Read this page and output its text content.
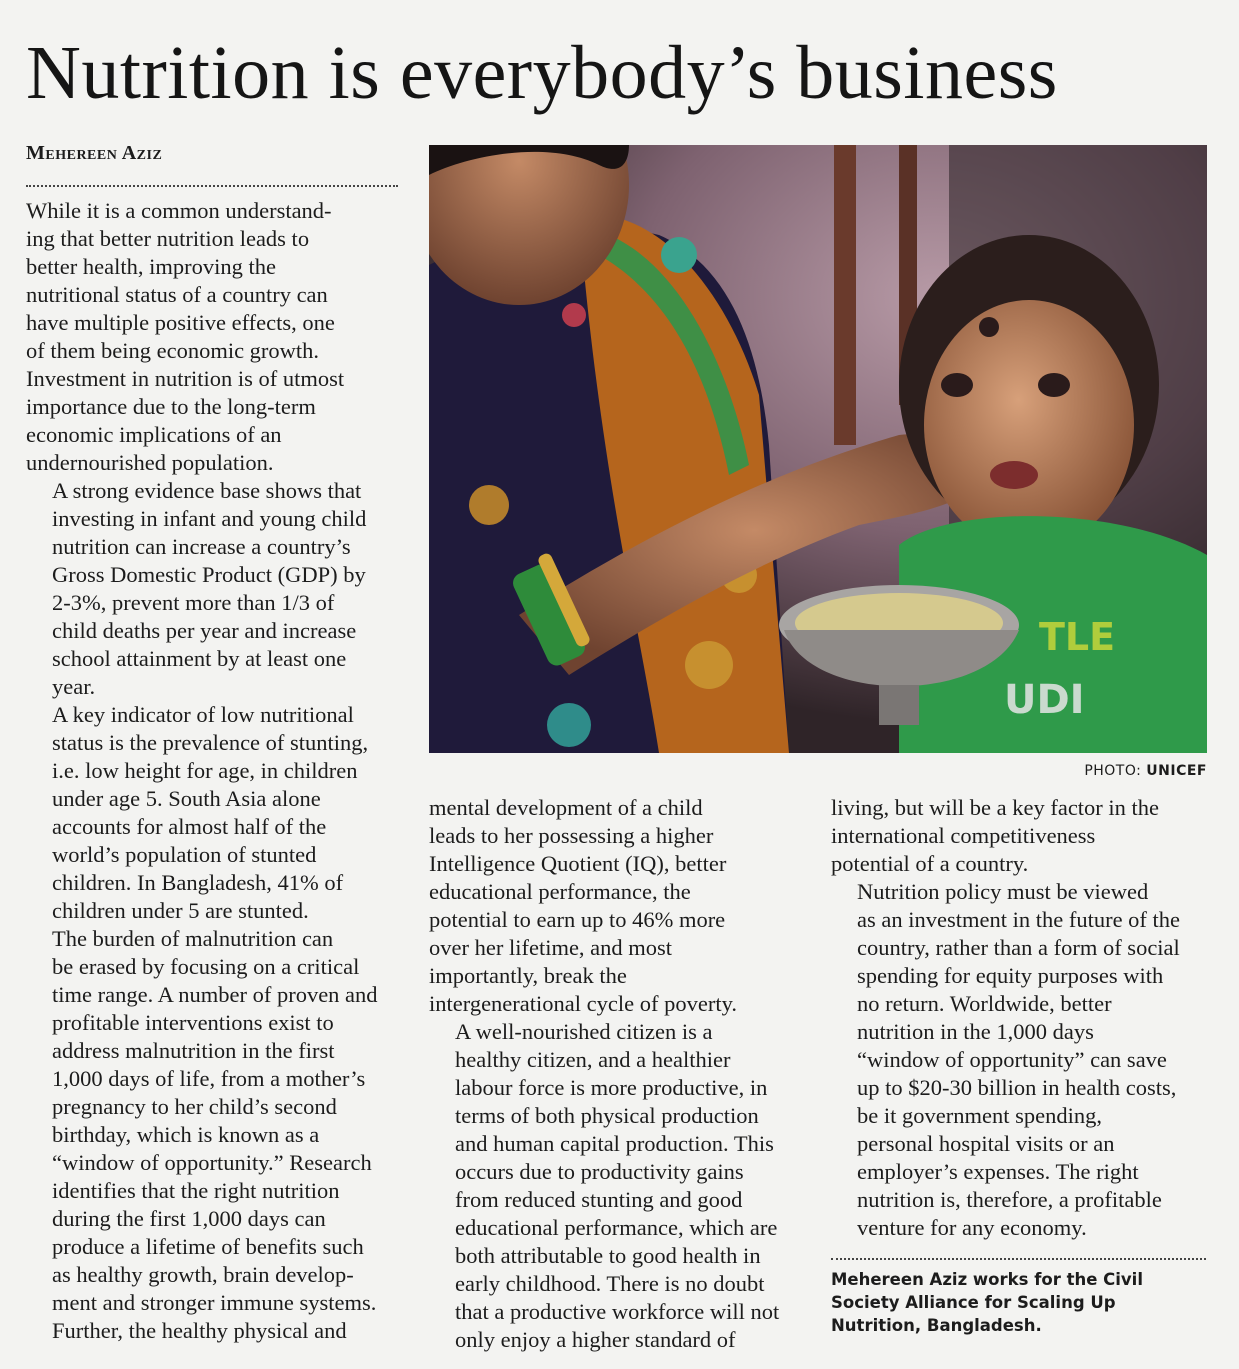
Nutrition is everybody’s business
Mehereen Aziz

While it is a common understand-
ing that better nutrition leads to
better health, improving the
nutritional status of a country can
have multiple positive effects, one
of them being economic growth.
Investment in nutrition is of utmost
importance due to the long-term
economic implications of an
undernourished population.

A strong evidence base shows that
investing in infant and young child
nutrition can increase a country’s
Gross Domestic Product (GDP) by
2-3%, prevent more than 1/3 of
child deaths per year and increase
school attainment by at least one
year.

A key indicator of low nutritional
status is the prevalence of stunting,
i.e. low height for age, in children
under age 5. South Asia alone
accounts for almost half of the
world’s population of stunted
children. In Bangladesh, 41% of
children under 5 are stunted.

The burden of malnutrition can
be erased by focusing on a critical
time range. A number of proven and
profitable interventions exist to
address malnutrition in the first
1,000 days of life, from a mother’s
pregnancy to her child’s second
birthday, which is known as a
“window of opportunity.” Research
identifies that the right nutrition
during the first 1,000 days can
produce a lifetime of benefits such
as healthy growth, brain develop-
ment and stronger immune systems.
Further, the healthy physical and

TLE
UDI
PHOTO: UNICEF

mental development of a child
leads to her possessing a higher
Intelligence Quotient (IQ), better
educational performance, the
potential to earn up to 46% more
over her lifetime, and most
importantly, break the
intergenerational cycle of poverty.

A well-nourished citizen is a
healthy citizen, and a healthier
labour force is more productive, in
terms of both physical production
and human capital production. This
occurs due to productivity gains
from reduced stunting and good
educational performance, which are
both attributable to good health in
early childhood. There is no doubt
that a productive workforce will not
only enjoy a higher standard of

living, but will be a key factor in the
international competitiveness
potential of a country.

Nutrition policy must be viewed
as an investment in the future of the
country, rather than a form of social
spending for equity purposes with
no return. Worldwide, better
nutrition in the 1,000 days
“window of opportunity” can save
up to $20-30 billion in health costs,
be it government spending,
personal hospital visits or an
employer’s expenses. The right
nutrition is, therefore, a profitable
venture for any economy.

Mehereen Aziz works for the Civil
Society Alliance for Scaling Up
Nutrition, Bangladesh.
